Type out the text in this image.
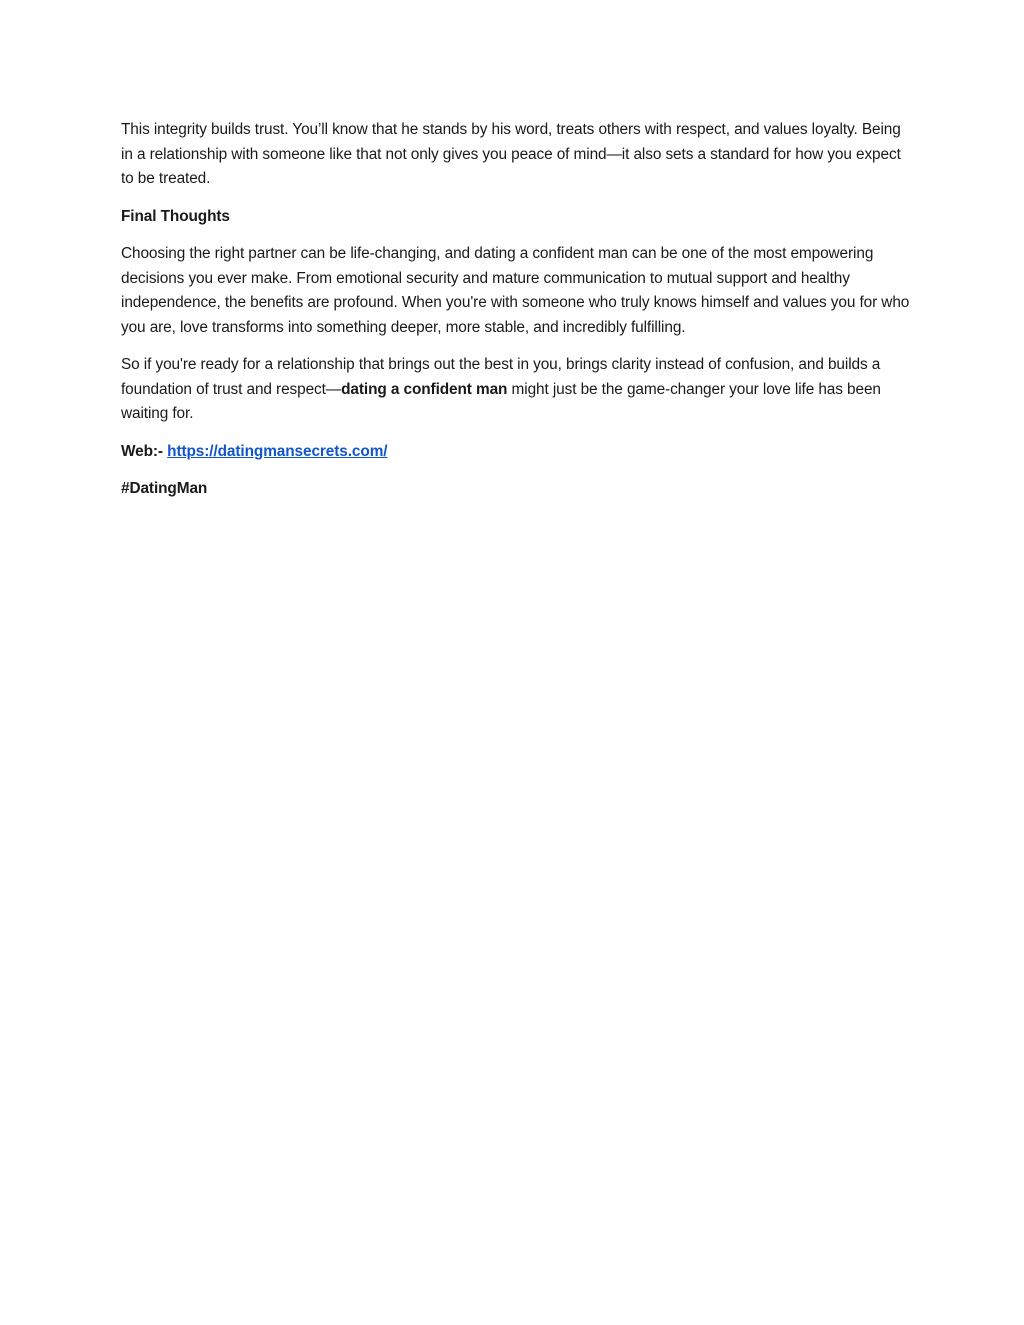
This integrity builds trust. You’ll know that he stands by his word, treats others with respect, and values loyalty. Being in a relationship with someone like that not only gives you peace of mind—it also sets a standard for how you expect to be treated.

Final Thoughts

Choosing the right partner can be life-changing, and dating a confident man can be one of the most empowering decisions you ever make. From emotional security and mature communication to mutual support and healthy independence, the benefits are profound. When you're with someone who truly knows himself and values you for who you are, love transforms into something deeper, more stable, and incredibly fulfilling.

So if you're ready for a relationship that brings out the best in you, brings clarity instead of confusion, and builds a foundation of trust and respect—dating a confident man might just be the game-changer your love life has been waiting for.

Web:- https://datingmansecrets.com/

#DatingMan
